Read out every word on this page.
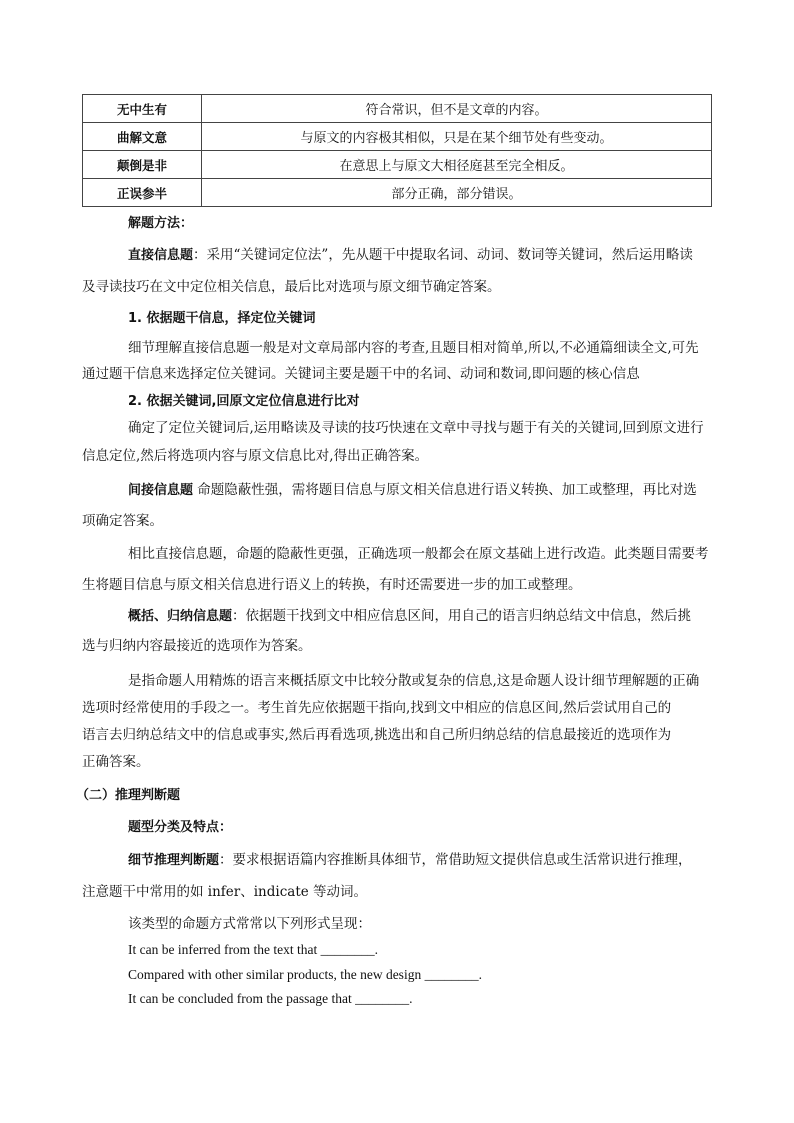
无中生有	符合常识，但不是文章的内容。
曲解文意	与原文的内容极其相似，只是在某个细节处有些变动。
颠倒是非	在意思上与原文大相径庭甚至完全相反。
正误参半	部分正确，部分错误。
解题方法：
直接信息题：采用“关键词定位法”，先从题干中提取名词、动词、数词等关键词，然后运用略读
及寻读技巧在文中定位相关信息，最后比对选项与原文细节确定答案。
1. 依据题干信息，择定位关键词
细节理解直接信息题一般是对文章局部内容的考查,且题目相对简单,所以,不必通篇细读全文,可先
通过题干信息来选择定位关键词。关键词主要是题干中的名词、动词和数词,即问题的核心信息
2. 依据关键词,回原文定位信息进行比对
确定了定位关键词后,运用略读及寻读的技巧快速在文章中寻找与题于有关的关键词,回到原文进行
信息定位,然后将选项内容与原文信息比对,得出正确答案。
间接信息题 命题隐蔽性强，需将题目信息与原文相关信息进行语义转换、加工或整理，再比对选
项确定答案。
相比直接信息题，命题的隐蔽性更强，正确选项一般都会在原文基础上进行改造。此类题目需要考
生将题目信息与原文相关信息进行语义上的转换，有时还需要进一步的加工或整理。
概括、归纳信息题：依据题干找到文中相应信息区间，用自己的语言归纳总结文中信息，然后挑
选与归纳内容最接近的选项作为答案。
是指命题人用精炼的语言来概括原文中比较分散或复杂的信息,这是命题人设计细节理解题的正确
选项时经常使用的手段之一。考生首先应依据题干指向,找到文中相应的信息区间,然后尝试用自己的
语言去归纳总结文中的信息或事实,然后再看选项,挑选出和自己所归纳总结的信息最接近的选项作为
正确答案。
（二）推理判断题
题型分类及特点：
细节推理判断题：要求根据语篇内容推断具体细节，常借助短文提供信息或生活常识进行推理，
注意题干中常用的如 infer、indicate 等动词。
该类型的命题方式常常以下列形式呈现：
It can be inferred from the text that ________.
Compared with other similar products, the new design ________.
It can be concluded from the passage that ________.
